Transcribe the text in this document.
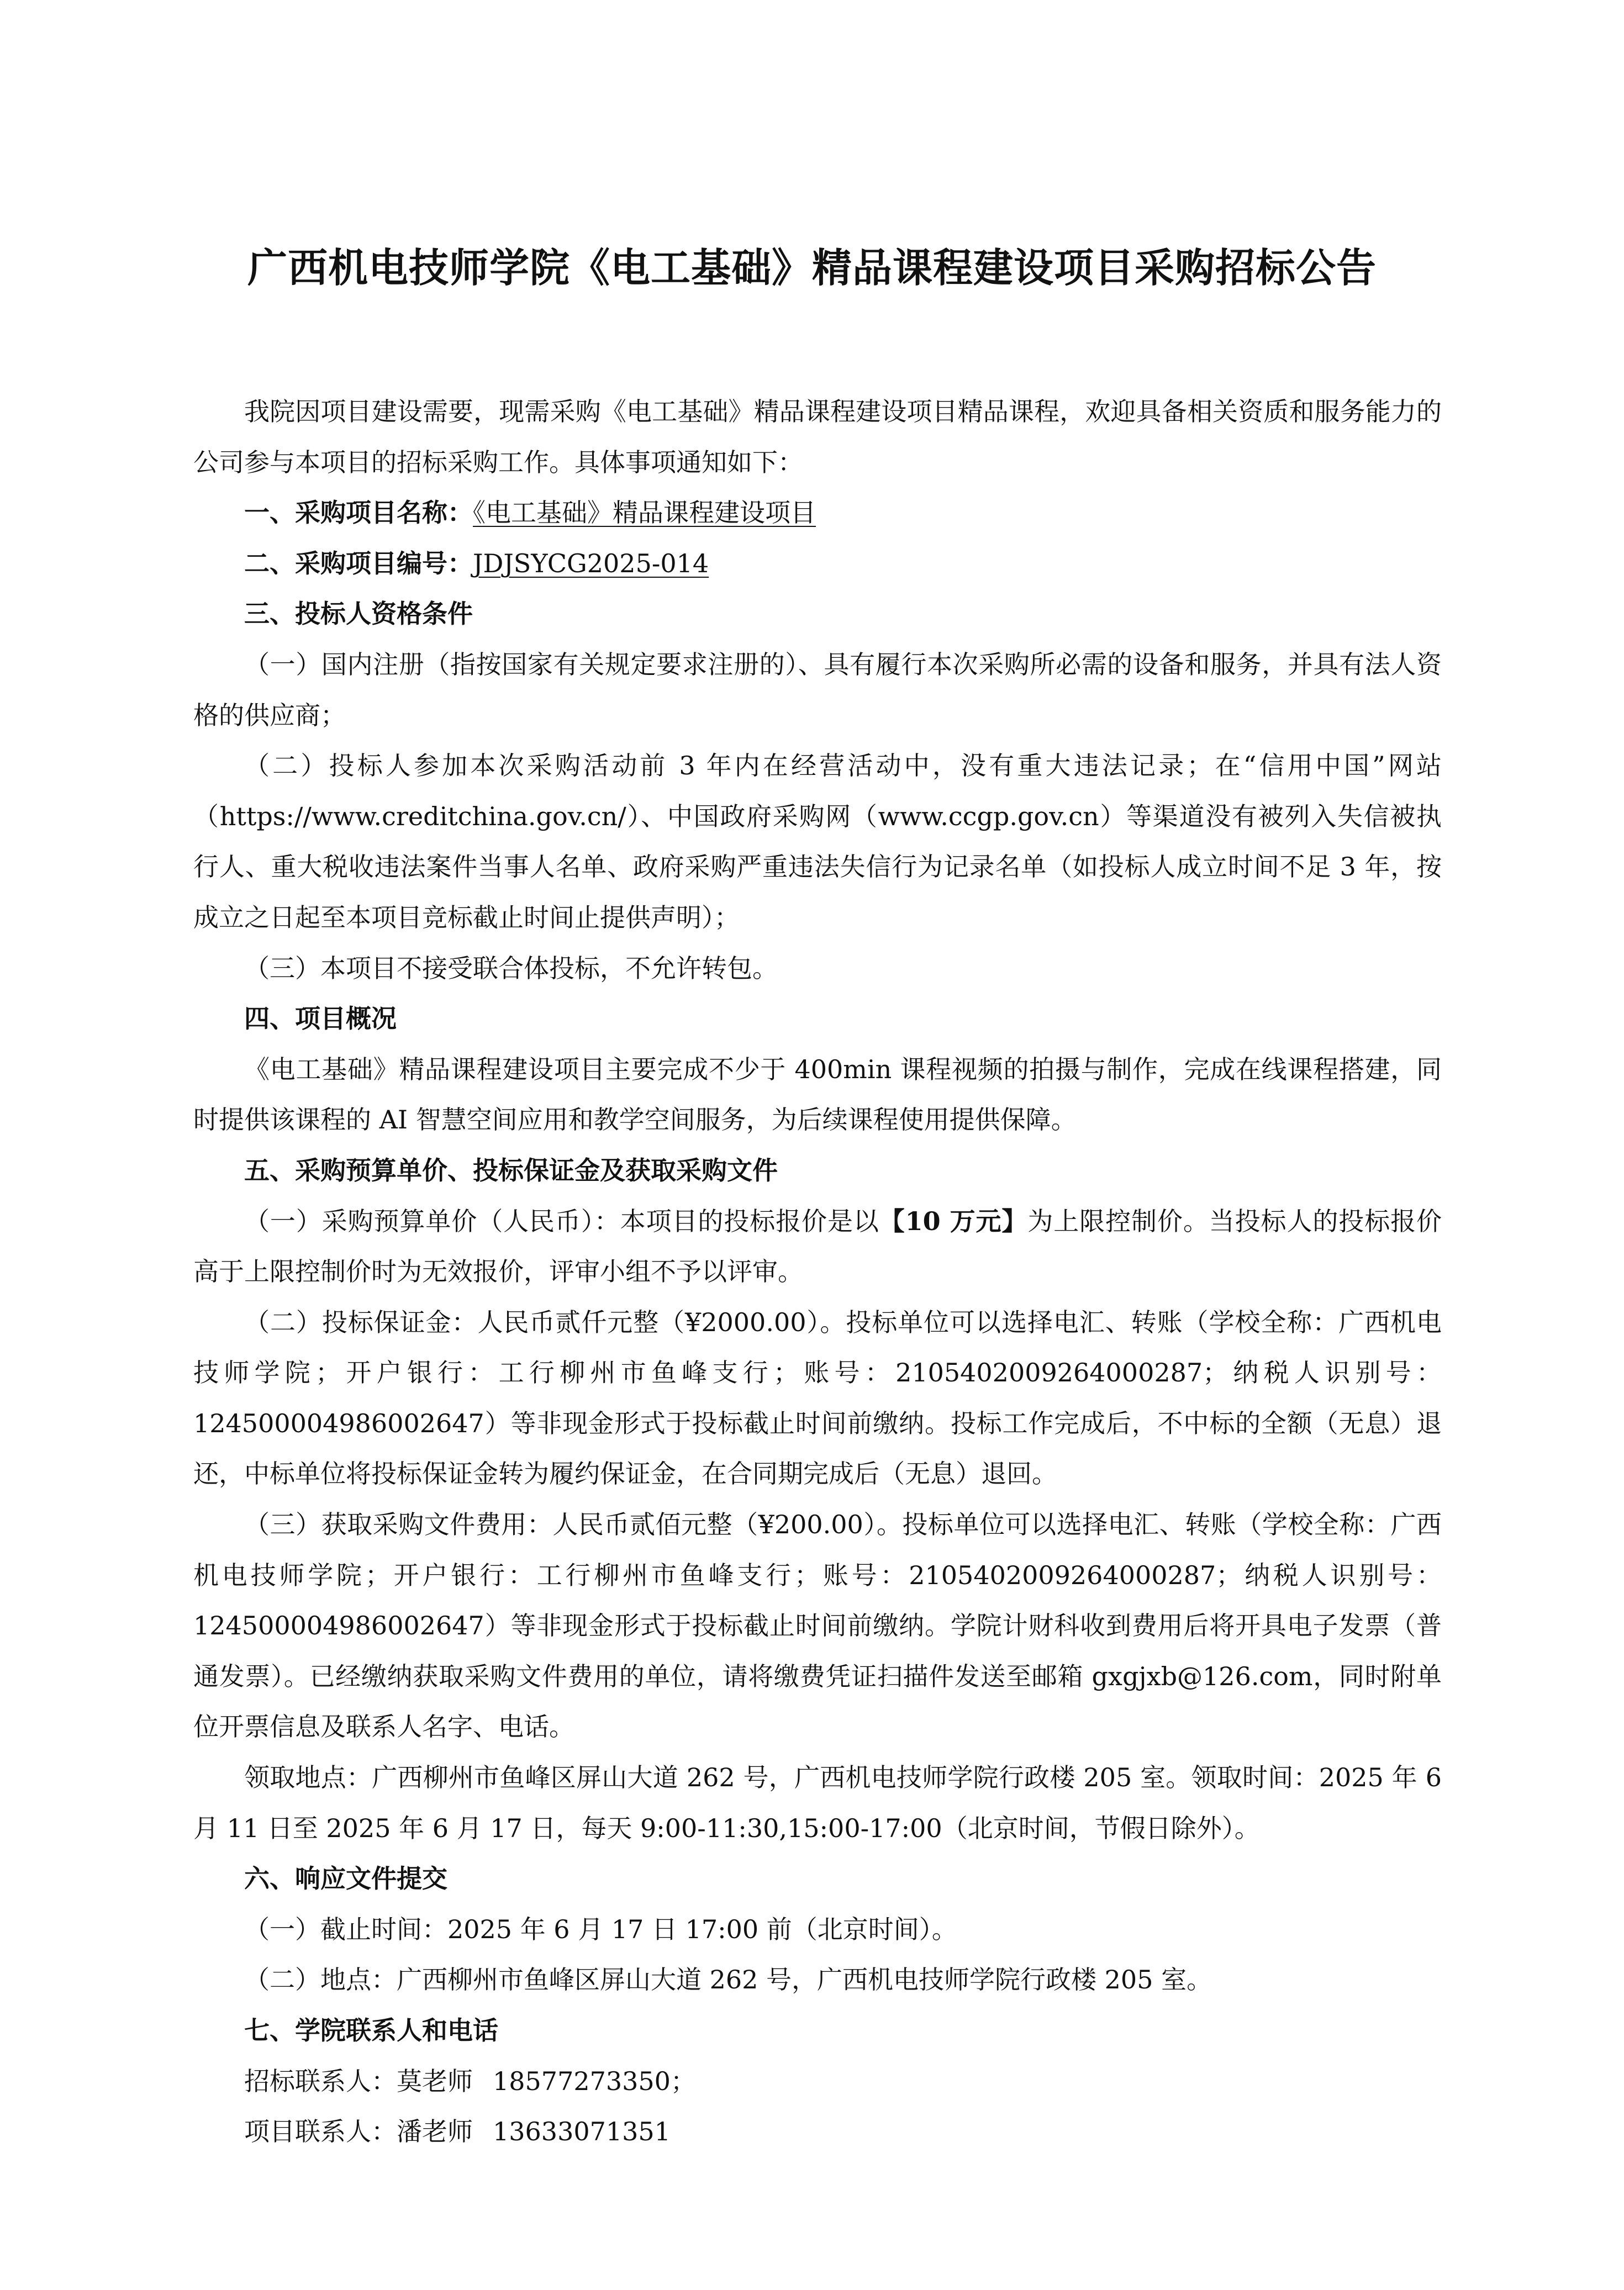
广西机电技师学院《电工基础》精品课程建设项目采购招标公告

我院因项目建设需要，现需采购《电工基础》精品课程建设项目精品课程，欢迎具备相关资质和服务能力的公司参与本项目的招标采购工作。具体事项通知如下：

一、采购项目名称：《电工基础》精品课程建设项目

二、采购项目编号：JDJSYCG2025-014

三、投标人资格条件

（一）国内注册（指按国家有关规定要求注册的）、具有履行本次采购所必需的设备和服务，并具有法人资格的供应商；

（二）投标人参加本次采购活动前 3 年内在经营活动中，没有重大违法记录；在“信用中国”网站（https://www.creditchina.gov.cn/）、中国政府采购网（www.ccgp.gov.cn）等渠道没有被列入失信被执行人、重大税收违法案件当事人名单、政府采购严重违法失信行为记录名单（如投标人成立时间不足 3 年，按成立之日起至本项目竞标截止时间止提供声明）；

（三）本项目不接受联合体投标，不允许转包。

四、项目概况

《电工基础》精品课程建设项目主要完成不少于 400min 课程视频的拍摄与制作，完成在线课程搭建，同时提供该课程的 AI 智慧空间应用和教学空间服务，为后续课程使用提供保障。

五、采购预算单价、投标保证金及获取采购文件

（一）采购预算单价（人民币）：本项目的投标报价是以【10 万元】为上限控制价。当投标人的投标报价高于上限控制价时为无效报价，评审小组不予以评审。

（二）投标保证金：人民币贰仟元整（¥2000.00）。投标单位可以选择电汇、转账（学校全称：广西机电技师学院；开户银行：工行柳州市鱼峰支行；账号：2105402009264000287；纳税人识别号：124500004986002647）等非现金形式于投标截止时间前缴纳。投标工作完成后，不中标的全额（无息）退还，中标单位将投标保证金转为履约保证金，在合同期完成后（无息）退回。

（三）获取采购文件费用：人民币贰佰元整（¥200.00）。投标单位可以选择电汇、转账（学校全称：广西机电技师学院；开户银行：工行柳州市鱼峰支行；账号：2105402009264000287；纳税人识别号：124500004986002647）等非现金形式于投标截止时间前缴纳。学院计财科收到费用后将开具电子发票（普通发票）。已经缴纳获取采购文件费用的单位，请将缴费凭证扫描件发送至邮箱 gxgjxb@126.com，同时附单位开票信息及联系人名字、电话。

领取地点：广西柳州市鱼峰区屏山大道 262 号，广西机电技师学院行政楼 205 室。领取时间：2025 年 6 月 11 日至 2025 年 6 月 17 日，每天 9:00-11:30,15:00-17:00（北京时间，节假日除外）。

六、响应文件提交

（一）截止时间：2025 年 6 月 17 日 17:00 前（北京时间）。

（二）地点：广西柳州市鱼峰区屏山大道 262 号，广西机电技师学院行政楼 205 室。

七、学院联系人和电话

招标联系人：莫老师 18577273350；

项目联系人：潘老师 13633071351
